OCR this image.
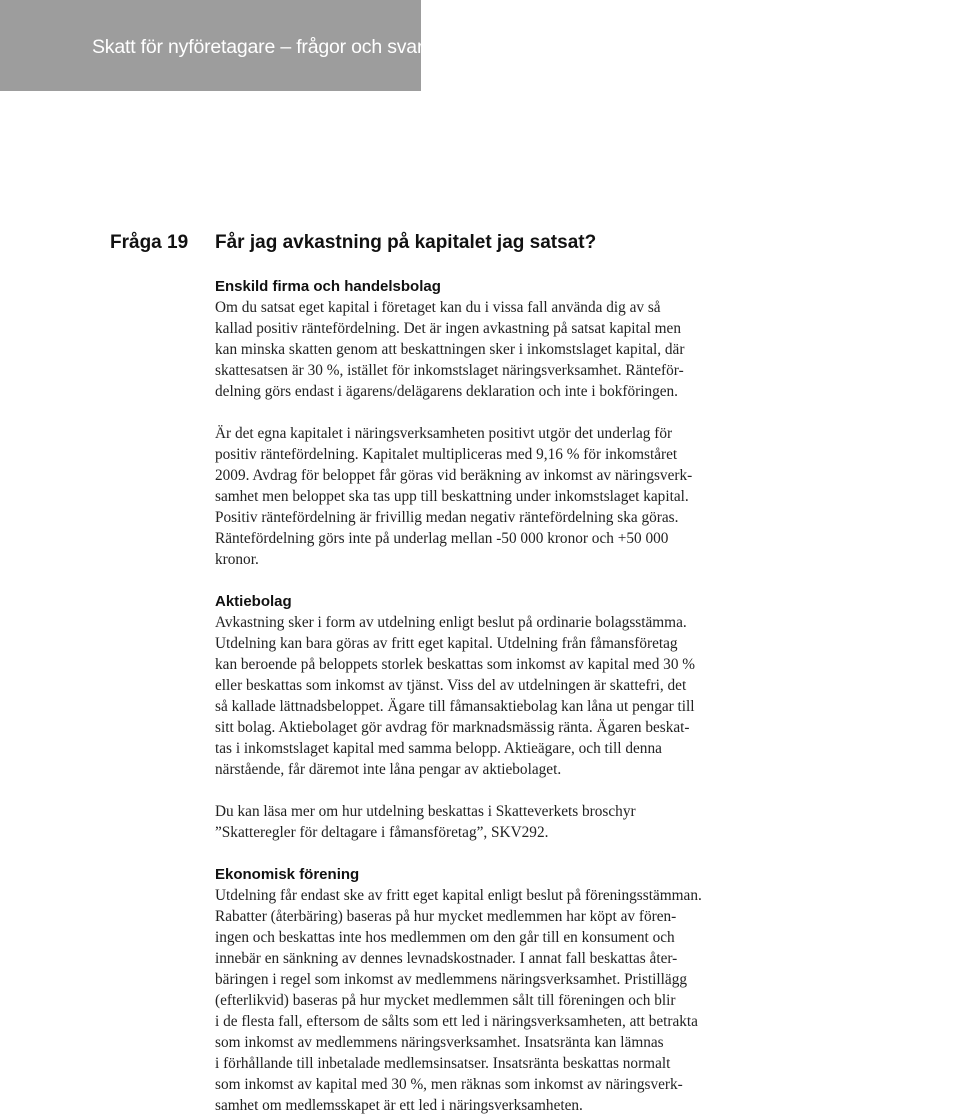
Skatt för nyföretagare – frågor och svar
Fråga 19 Får jag avkastning på kapitalet jag satsat?
Enskild firma och handelsbolag

Om du satsat eget kapital i företaget kan du i vissa fall använda dig av så
kallad positiv räntefördelning. Det är ingen avkastning på satsat kapital men
kan minska skatten genom att beskattningen sker i inkomstslaget kapital, där
skattesatsen är 30 %, istället för inkomstslaget näringsverksamhet. Ränteför-
delning görs endast i ägarens/delägarens deklaration och inte i bokföringen.

Är det egna kapitalet i näringsverksamheten positivt utgör det underlag för
positiv räntefördelning. Kapitalet multipliceras med 9,16 % för inkomståret
2009. Avdrag för beloppet får göras vid beräkning av inkomst av näringsverk-
samhet men beloppet ska tas upp till beskattning under inkomstslaget kapital.
Positiv räntefördelning är frivillig medan negativ räntefördelning ska göras.
Räntefördelning görs inte på underlag mellan -50 000 kronor och +50 000
kronor.

Aktiebolag

Avkastning sker i form av utdelning enligt beslut på ordinarie bolagsstämma.
Utdelning kan bara göras av fritt eget kapital. Utdelning från fåmansföretag
kan beroende på beloppets storlek beskattas som inkomst av kapital med 30 %
eller beskattas som inkomst av tjänst. Viss del av utdelningen är skattefri, det
så kallade lättnadsbeloppet. Ägare till fåmansaktiebolag kan låna ut pengar till
sitt bolag. Aktiebolaget gör avdrag för marknadsmässig ränta. Ägaren beskat-
tas i inkomstslaget kapital med samma belopp. Aktieägare, och till denna
närstående, får däremot inte låna pengar av aktiebolaget.

Du kan läsa mer om hur utdelning beskattas i Skatteverkets broschyr
”Skatteregler för deltagare i fåmansföretag”, SKV292.

Ekonomisk förening

Utdelning får endast ske av fritt eget kapital enligt beslut på föreningsstämman.
Rabatter (återbäring) baseras på hur mycket medlemmen har köpt av fören-
ingen och beskattas inte hos medlemmen om den går till en konsument och
innebär en sänkning av dennes levnadskostnader. I annat fall beskattas åter-
bäringen i regel som inkomst av medlemmens näringsverksamhet. Pristillägg
(efterlikvid) baseras på hur mycket medlemmen sålt till föreningen och blir
i de flesta fall, eftersom de sålts som ett led i näringsverksamheten, att betrakta
som inkomst av medlemmens näringsverksamhet. Insatsränta kan lämnas
i förhållande till inbetalade medlemsinsatser. Insatsränta beskattas normalt
som inkomst av kapital med 30 %, men räknas som inkomst av näringsverk-
samhet om medlemsskapet är ett led i näringsverksamheten.
